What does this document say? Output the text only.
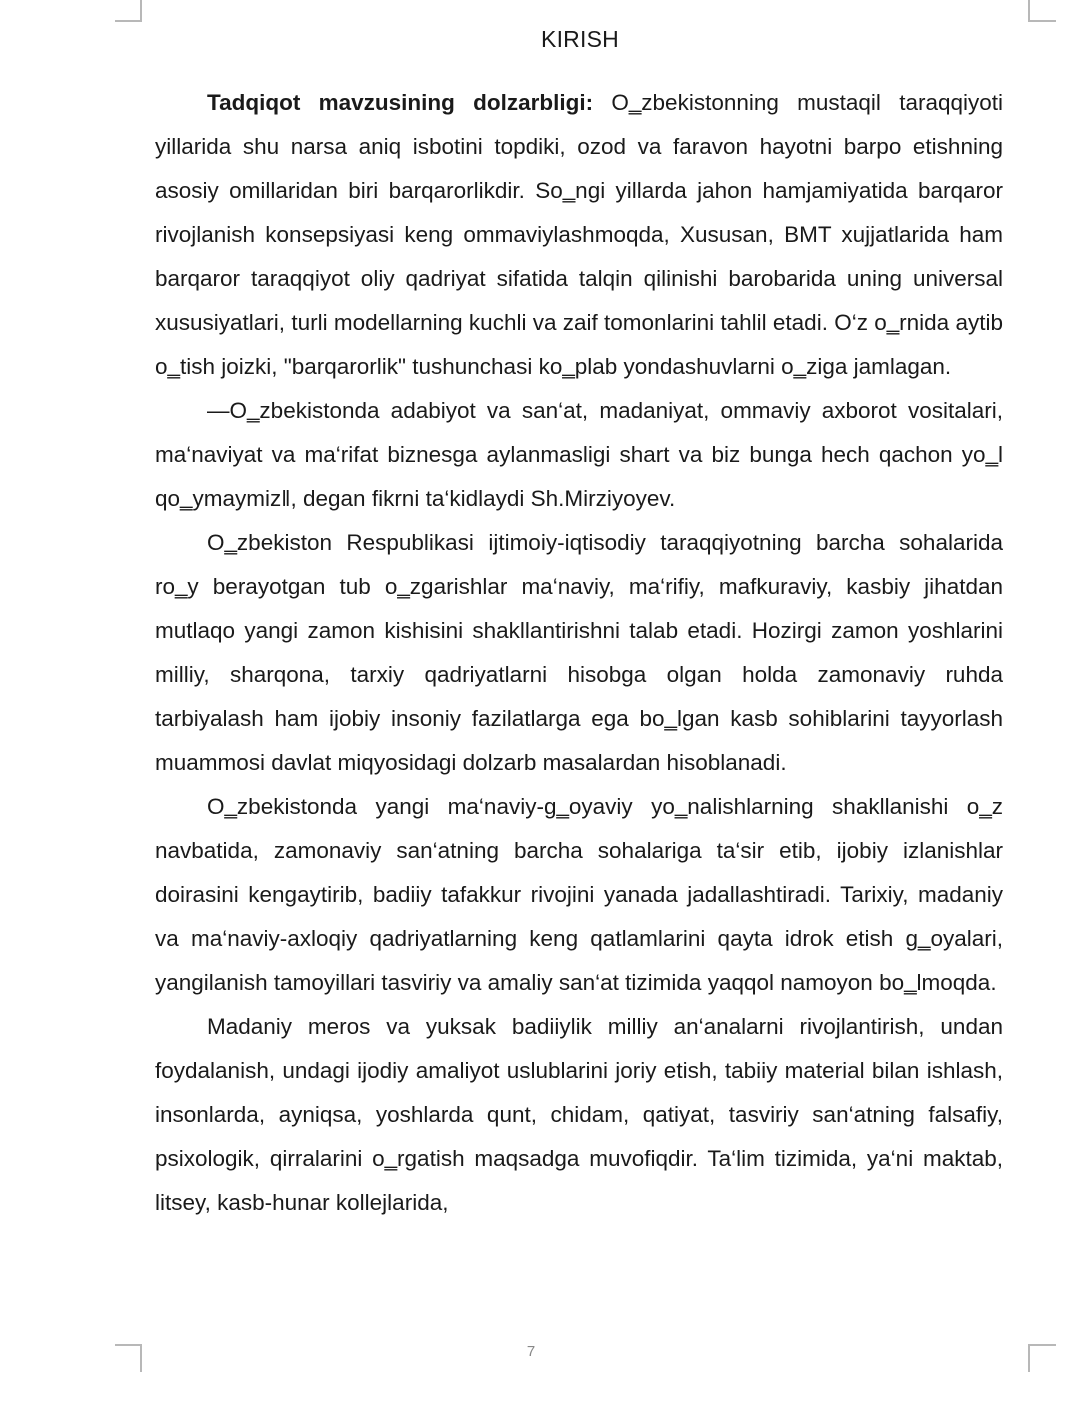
KIRISH

Tadqiqot mavzusining dolzarbligi: O‗zbekistonning mustaqil taraqqiyoti yillarida shu narsa aniq isbotini topdiki, ozod va faravon hayotni barpo etishning asosiy omillaridan biri barqarorlikdir. So‗ngi yillarda jahon hamjamiyatida barqaror rivojlanish konsepsiyasi keng ommaviylashmoqda, Xususan, BMT xujjatlarida ham barqaror taraqqiyot oliy qadriyat sifatida talqin qilinishi barobarida uning universal xususiyatlari, turli modellarning kuchli va zaif tomonlarini tahlil etadi. O‘z o‗rnida aytib o‗tish joizki, "barqarorlik" tushunchasi ko‗plab yondashuvlarni o‗ziga jamlagan.

―O‗zbekistonda adabiyot va san‘at, madaniyat, ommaviy axborot vositalari, ma‘naviyat va ma‘rifat biznesga aylanmasligi shart va biz bunga hech qachon yo‗l qo‗ymaymiz‖, degan fikrni ta‘kidlaydi Sh.Mirziyoyev.

O‗zbekiston Respublikasi ijtimoiy-iqtisodiy taraqqiyotning barcha sohalarida ro‗y berayotgan tub o‗zgarishlar ma‘naviy, ma‘rifiy, mafkuraviy, kasbiy jihatdan mutlaqo yangi zamon kishisini shakllantirishni talab etadi. Hozirgi zamon yoshlarini milliy, sharqona, tarxiy qadriyatlarni hisobga olgan holda zamonaviy ruhda tarbiyalash ham ijobiy insoniy fazilatlarga ega bo‗lgan kasb sohiblarini tayyorlash muammosi davlat miqyosidagi dolzarb masalardan hisoblanadi.

O‗zbekistonda yangi ma‘naviy-g‗oyaviy yo‗nalishlarning shakllanishi o‗z navbatida, zamonaviy san‘atning barcha sohalariga ta‘sir etib, ijobiy izlanishlar doirasini kengaytirib, badiiy tafakkur rivojini yanada jadallashtiradi. Tarixiy, madaniy va ma‘naviy-axloqiy qadriyatlarning keng qatlamlarini qayta idrok etish g‗oyalari, yangilanish tamoyillari tasviriy va amaliy san‘at tizimida yaqqol namoyon bo‗lmoqda.

Madaniy meros va yuksak badiiylik milliy an‘analarni rivojlantirish, undan foydalanish, undagi ijodiy amaliyot uslublarini joriy etish, tabiiy material bilan ishlash, insonlarda, ayniqsa, yoshlarda qunt, chidam, qatiyat, tasviriy san‘atning falsafiy, psixologik, qirralarini o‗rgatish maqsadga muvofiqdir. Ta‘lim tizimida, ya‘ni maktab, litsey, kasb-hunar kollejlarida,

7
